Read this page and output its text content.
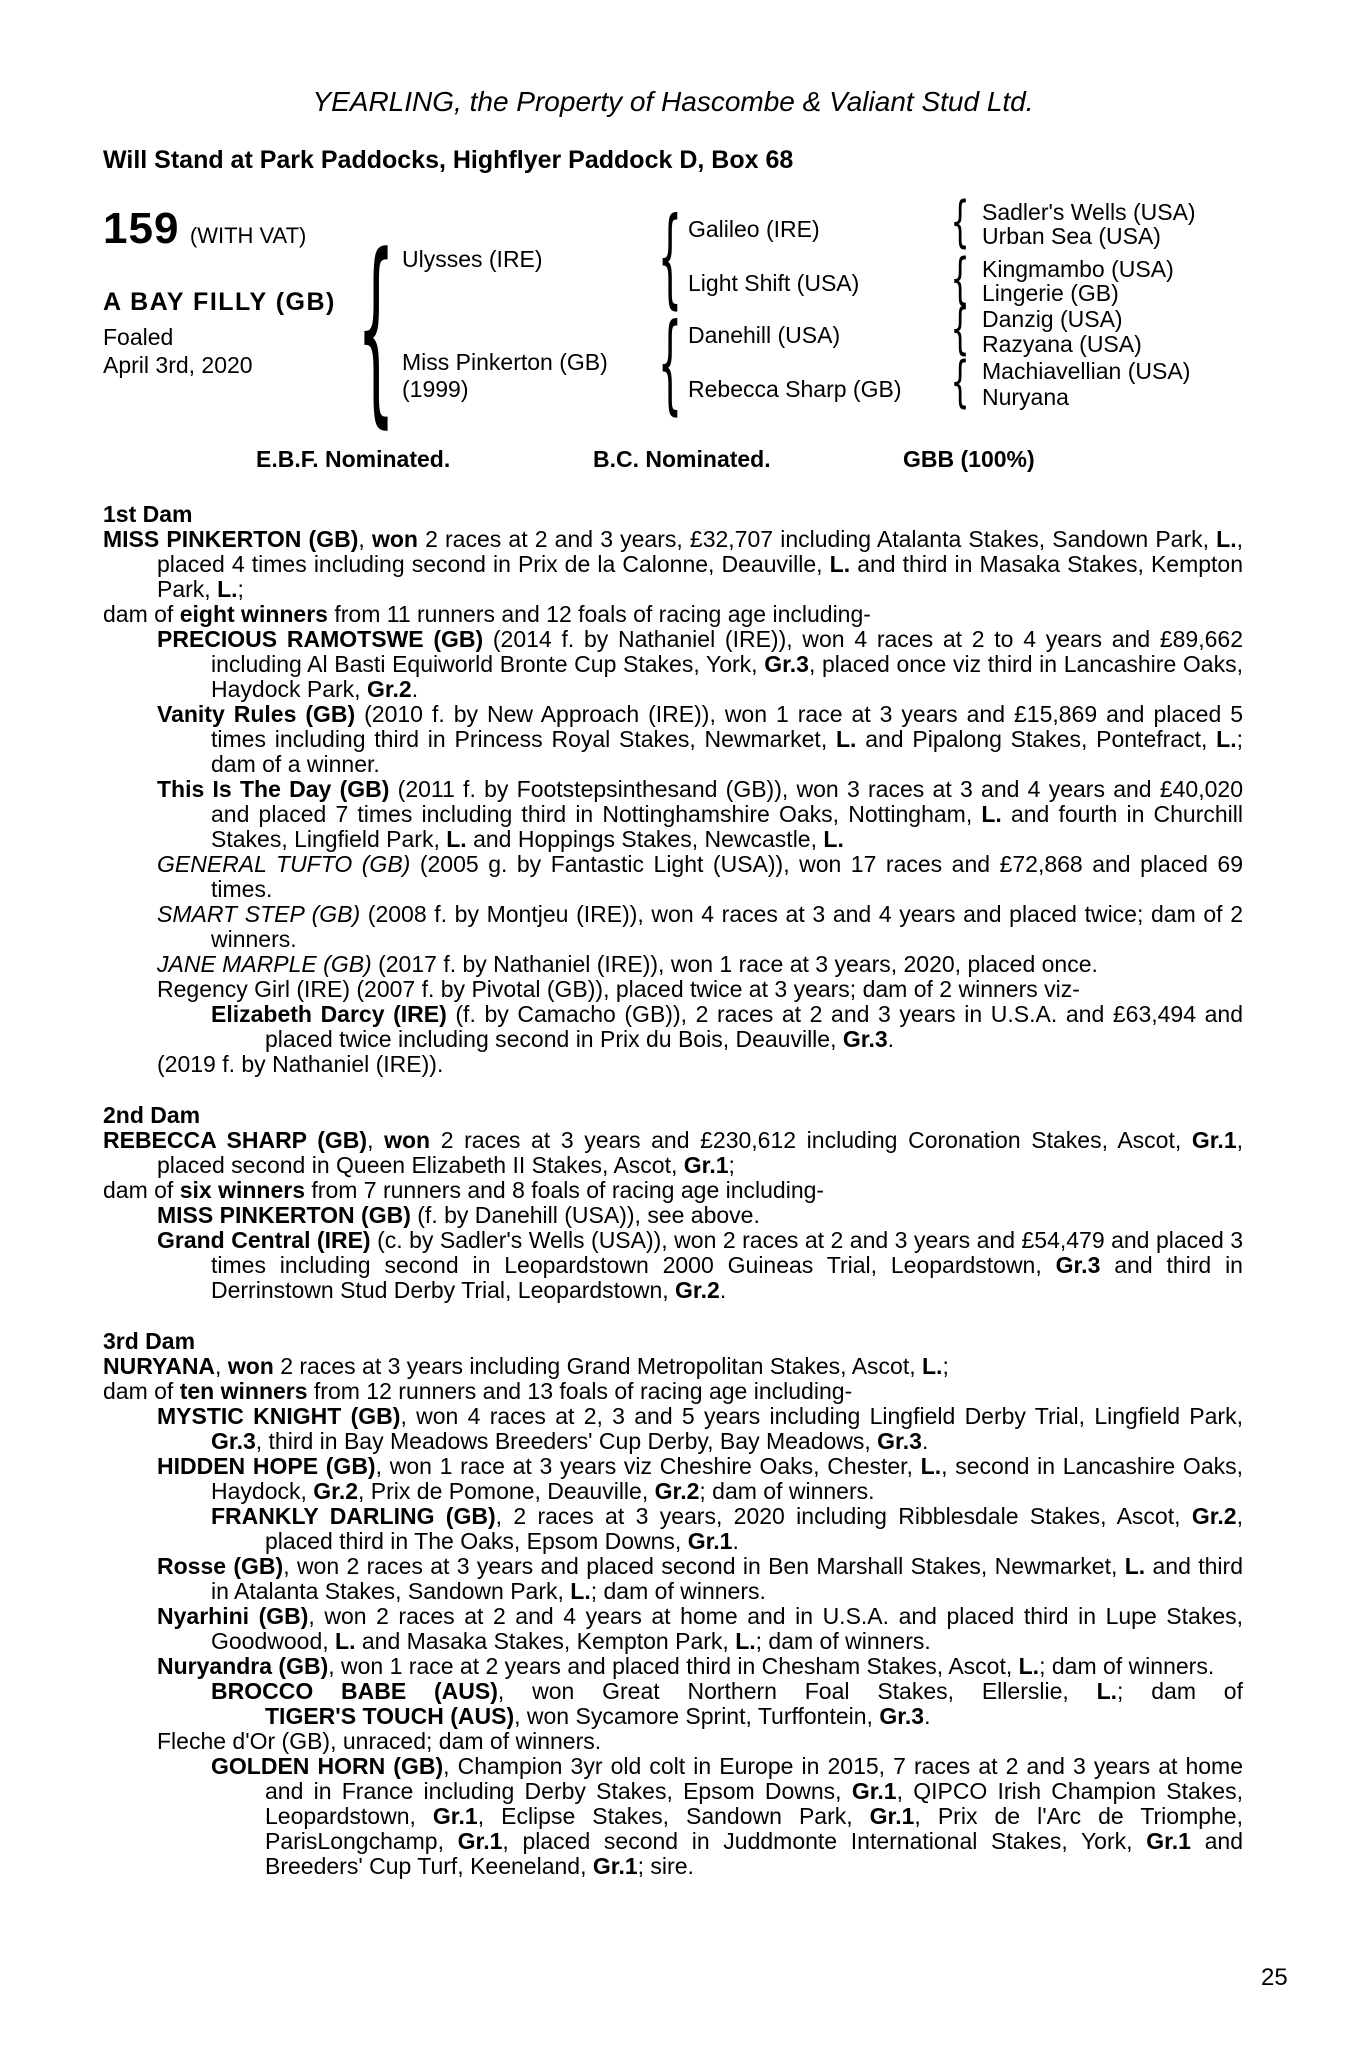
YEARLING, the Property of Hascombe & Valiant Stud Ltd.
Will Stand at Park Paddocks, Highflyer Paddock D, Box 68
159 (WITH VAT)
A BAY FILLY (GB)
Foaled
April 3rd, 2020 { Ulysses (IRE)
Miss Pinkerton (GB)
(1999)
{
{
Galileo (IRE)
Light Shift (USA)
Danehill (USA)
Rebecca Sharp (GB)
{
{
{
{
Sadler's Wells (USA)
Urban Sea (USA)
Kingmambo (USA)
Lingerie (GB)
Danzig (USA)
Razyana (USA)
Machiavellian (USA)
Nuryana
E.B.F. Nominated.	B.C. Nominated.	GBB (100%)
1st Dam

MISS PINKERTON (GB), won 2 races at 2 and 3 years, £32,707 including Atalanta Stakes, Sandown Park, L., placed 4 times including second in Prix de la Calonne, Deauville, L. and third in Masaka Stakes, Kempton Park, L.;

dam of eight winners from 11 runners and 12 foals of racing age including-

PRECIOUS RAMOTSWE (GB) (2014 f. by Nathaniel (IRE)), won 4 races at 2 to 4 years and £89,662 including Al Basti Equiworld Bronte Cup Stakes, York, Gr.3, placed once viz third in Lancashire Oaks, Haydock Park, Gr.2.

Vanity Rules (GB) (2010 f. by New Approach (IRE)), won 1 race at 3 years and £15,869 and placed 5 times including third in Princess Royal Stakes, Newmarket, L. and Pipalong Stakes, Pontefract, L.; dam of a winner.

This Is The Day (GB) (2011 f. by Footstepsinthesand (GB)), won 3 races at 3 and 4 years and £40,020 and placed 7 times including third in Nottinghamshire Oaks, Nottingham, L. and fourth in Churchill Stakes, Lingfield Park, L. and Hoppings Stakes, Newcastle, L.

GENERAL TUFTO (GB) (2005 g. by Fantastic Light (USA)), won 17 races and £72,868 and placed 69 times.

SMART STEP (GB) (2008 f. by Montjeu (IRE)), won 4 races at 3 and 4 years and placed twice; dam of 2 winners.

JANE MARPLE (GB) (2017 f. by Nathaniel (IRE)), won 1 race at 3 years, 2020, placed once.

Regency Girl (IRE) (2007 f. by Pivotal (GB)), placed twice at 3 years; dam of 2 winners viz-

Elizabeth Darcy (IRE) (f. by Camacho (GB)), 2 races at 2 and 3 years in U.S.A. and £63,494 and placed twice including second in Prix du Bois, Deauville, Gr.3.

(2019 f. by Nathaniel (IRE)).

2nd Dam

REBECCA SHARP (GB), won 2 races at 3 years and £230,612 including Coronation Stakes, Ascot, Gr.1, placed second in Queen Elizabeth II Stakes, Ascot, Gr.1;

dam of six winners from 7 runners and 8 foals of racing age including-

MISS PINKERTON (GB) (f. by Danehill (USA)), see above.

Grand Central (IRE) (c. by Sadler's Wells (USA)), won 2 races at 2 and 3 years and £54,479 and placed 3 times including second in Leopardstown 2000 Guineas Trial, Leopardstown, Gr.3 and third in Derrinstown Stud Derby Trial, Leopardstown, Gr.2.

3rd Dam

NURYANA, won 2 races at 3 years including Grand Metropolitan Stakes, Ascot, L.;

dam of ten winners from 12 runners and 13 foals of racing age including-

MYSTIC KNIGHT (GB), won 4 races at 2, 3 and 5 years including Lingfield Derby Trial, Lingfield Park, Gr.3, third in Bay Meadows Breeders' Cup Derby, Bay Meadows, Gr.3.

HIDDEN HOPE (GB), won 1 race at 3 years viz Cheshire Oaks, Chester, L., second in Lancashire Oaks, Haydock, Gr.2, Prix de Pomone, Deauville, Gr.2; dam of winners.

FRANKLY DARLING (GB), 2 races at 3 years, 2020 including Ribblesdale Stakes, Ascot, Gr.2, placed third in The Oaks, Epsom Downs, Gr.1.

Rosse (GB), won 2 races at 3 years and placed second in Ben Marshall Stakes, Newmarket, L. and third in Atalanta Stakes, Sandown Park, L.; dam of winners.

Nyarhini (GB), won 2 races at 2 and 4 years at home and in U.S.A. and placed third in Lupe Stakes, Goodwood, L. and Masaka Stakes, Kempton Park, L.; dam of winners.

Nuryandra (GB), won 1 race at 2 years and placed third in Chesham Stakes, Ascot, L.; dam of winners.

BROCCO BABE (AUS), won Great Northern Foal Stakes, Ellerslie, L.; dam of

TIGER'S TOUCH (AUS), won Sycamore Sprint, Turffontein, Gr.3.

Fleche d'Or (GB), unraced; dam of winners.

GOLDEN HORN (GB), Champion 3yr old colt in Europe in 2015, 7 races at 2 and 3 years at home and in France including Derby Stakes, Epsom Downs, Gr.1, QIPCO Irish Champion Stakes, Leopardstown, Gr.1, Eclipse Stakes, Sandown Park, Gr.1, Prix de l'Arc de Triomphe, ParisLongchamp, Gr.1, placed second in Juddmonte International Stakes, York, Gr.1 and Breeders' Cup Turf, Keeneland, Gr.1; sire.

25
